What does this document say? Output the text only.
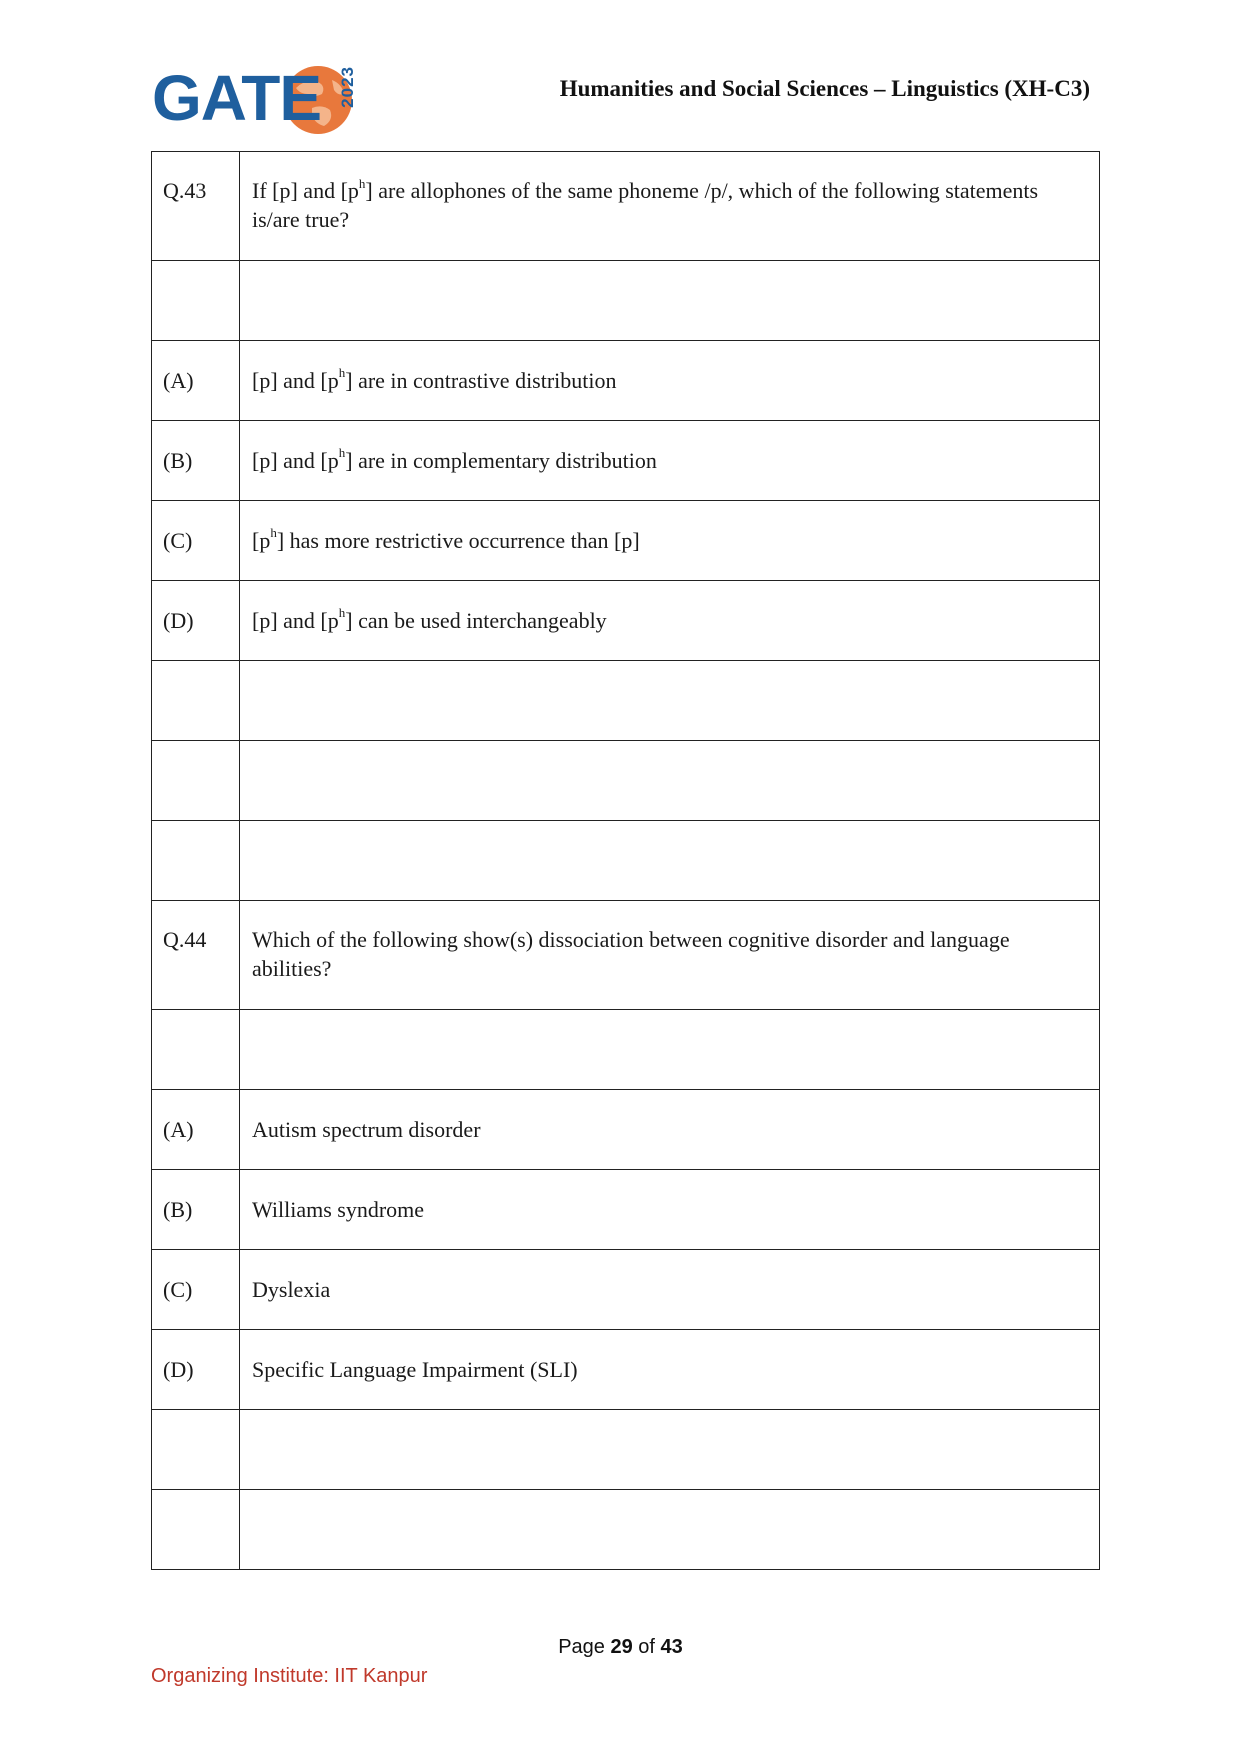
GATE 2023	Humanities and Social Sciences – Linguistics (XH-C3)
Q.43	If [p] and $[p^h]$ are allophones of the same phoneme /p/, which of the following statements is/are true?

(A)	[p] and $[p^h]$ are in contrastive distribution
(B)	[p] and $[p^h]$ are in complementary distribution
(C)	$[p^h]$ has more restrictive occurrence than [p]
(D)	[p] and $[p^h]$ can be used interchangeably

Q.44	Which of the following show(s) dissociation between cognitive disorder and language abilities?

(A)	Autism spectrum disorder
(B)	Williams syndrome
(C)	Dyslexia
(D)	Specific Language Impairment (SLI)

Page 29 of 43
Organizing Institute: IIT Kanpur
